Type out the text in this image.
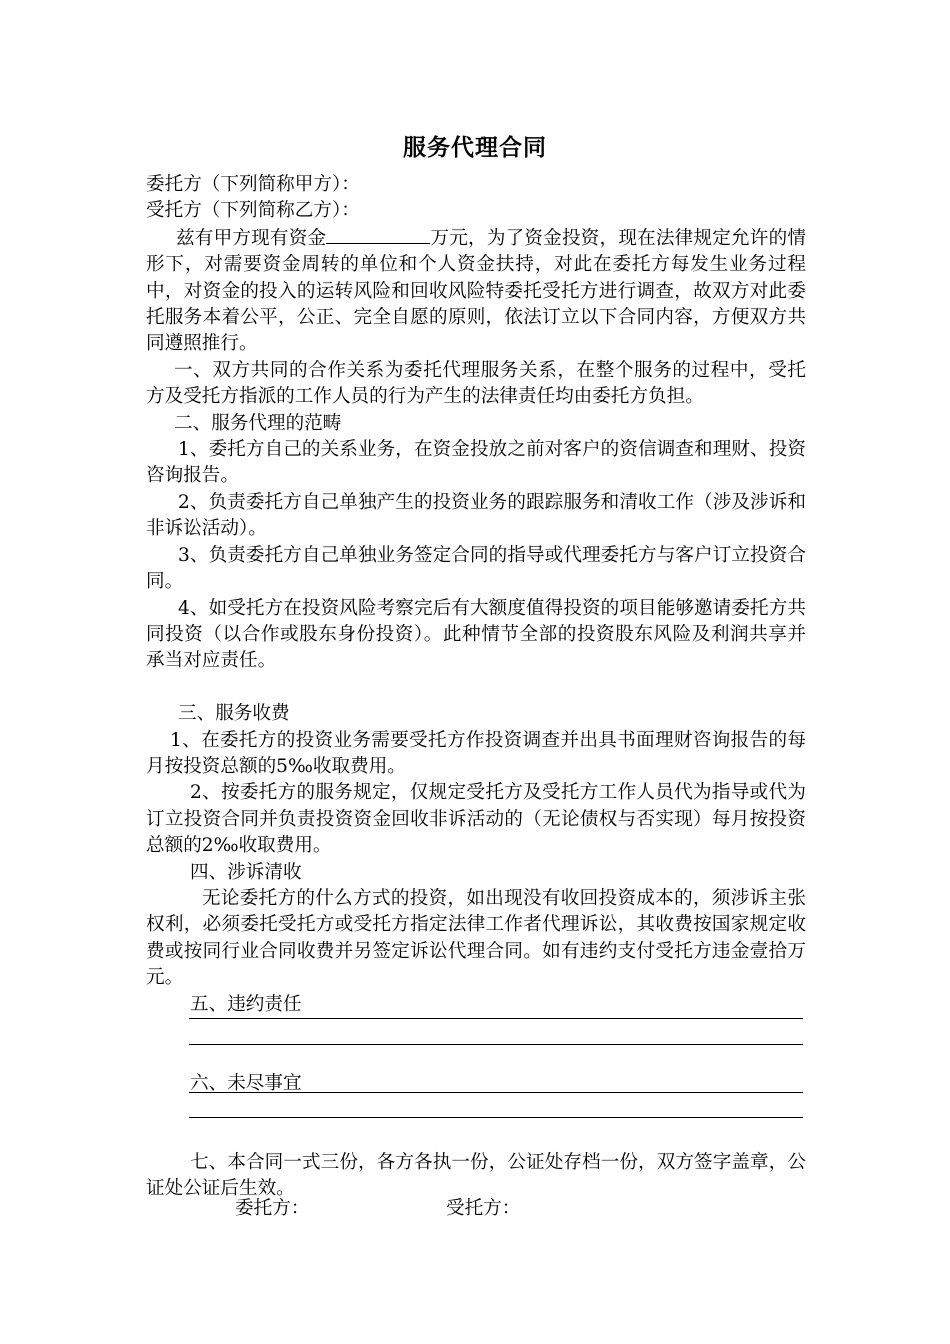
服务代理合同

委托方（下列简称甲方）：

受托方（下列简称乙方）：

兹有甲方现有资金	万元，为了资金投资，现在法律规定允许的情形下，对需要资金周转的单位和个人资金扶持，对此在委托方每发生业务过程中，对资金的投入的运转风险和回收风险特委托受托方进行调查，故双方对此委托服务本着公平，公正、完全自愿的原则，依法订立以下合同内容，方便双方共同遵照推行。

一、双方共同的合作关系为委托代理服务关系，在整个服务的过程中，受托方及受托方指派的工作人员的行为产生的法律责任均由委托方负担。

二、服务代理的范畴

1、委托方自己的关系业务，在资金投放之前对客户的资信调查和理财、投资咨询报告。

2、负责委托方自己单独产生的投资业务的跟踪服务和清收工作（涉及涉诉和非诉讼活动）。

3、负责委托方自己单独业务签定合同的指导或代理委托方与客户订立投资合同。

4、如受托方在投资风险考察完后有大额度值得投资的项目能够邀请委托方共同投资（以合作或股东身份投资）。此种情节全部的投资股东风险及利润共享并承当对应责任。

三、服务收费

1、在委托方的投资业务需要受托方作投资调查并出具书面理财咨询报告的每月按投资总额的5‰收取费用。

2、按委托方的服务规定，仅规定受托方及受托方工作人员代为指导或代为订立投资合同并负责投资资金回收非诉活动的（无论债权与否实现）每月按投资总额的2‰收取费用。

四、涉诉清收

无论委托方的什么方式的投资，如出现没有收回投资成本的，须涉诉主张权利，必须委托受托方或受托方指定法律工作者代理诉讼，其收费按国家规定收费或按同行业合同收费并另签定诉讼代理合同。如有违约支付受托方违金壹拾万元。

五、违约责任

六、未尽事宜

七、本合同一式三份，各方各执一份，公证处存档一份，双方签字盖章，公证处公证后生效。

委托方：	受托方：
